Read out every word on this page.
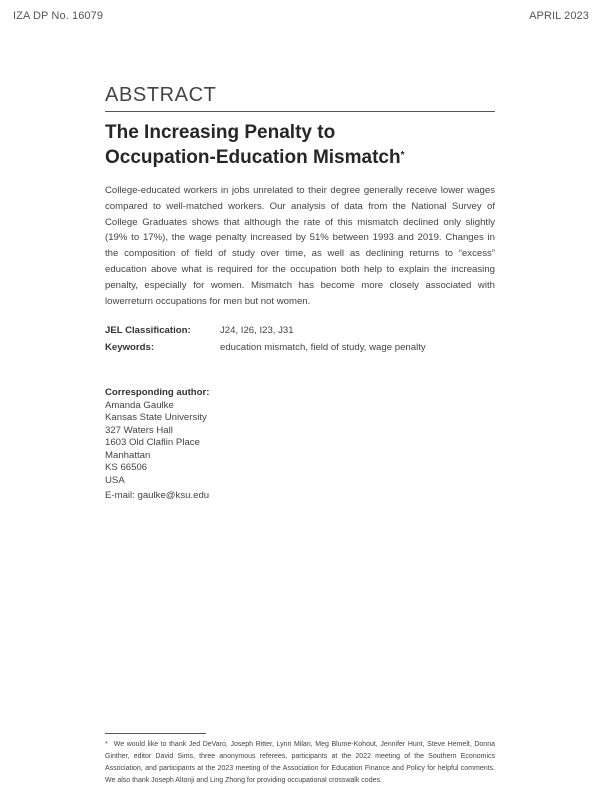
IZA DP No. 16079	APRIL 2023
ABSTRACT
The Increasing Penalty to
Occupation-Education Mismatch*
College-educated workers in jobs unrelated to their degree generally receive lower wages compared to well-matched workers. Our analysis of data from the National Survey of College Graduates shows that although the rate of this mismatch declined only slightly (19% to 17%), the wage penalty increased by 51% between 1993 and 2019. Changes in the composition of field of study over time, as well as declining returns to “excess” education above what is required for the occupation both help to explain the increasing penalty, especially for women. Mismatch has become more closely associated with lowerreturn occupations for men but not women.
JEL Classification:	J24, I26, I23, J31
Keywords:	education mismatch, field of study, wage penalty
Corresponding author:
Amanda Gaulke
Kansas State University
327 Waters Hall
1603 Old Claflin Place
Manhattan
KS 66506
USA
E-mail: gaulke@ksu.edu
* We would like to thank Jed DeVaro, Joseph Ritter, Lynn Milan, Meg Blume-Kohout, Jennifer Hunt, Steve Hemelt, Donna Ginther, editor David Sims, three anonymous referees, participants at the 2022 meeting of the Southern Economics Association, and participants at the 2023 meeting of the Association for Education Finance and Policy for helpful comments. We also thank Joseph Altonji and Ling Zhong for providing occupational crosswalk codes.
